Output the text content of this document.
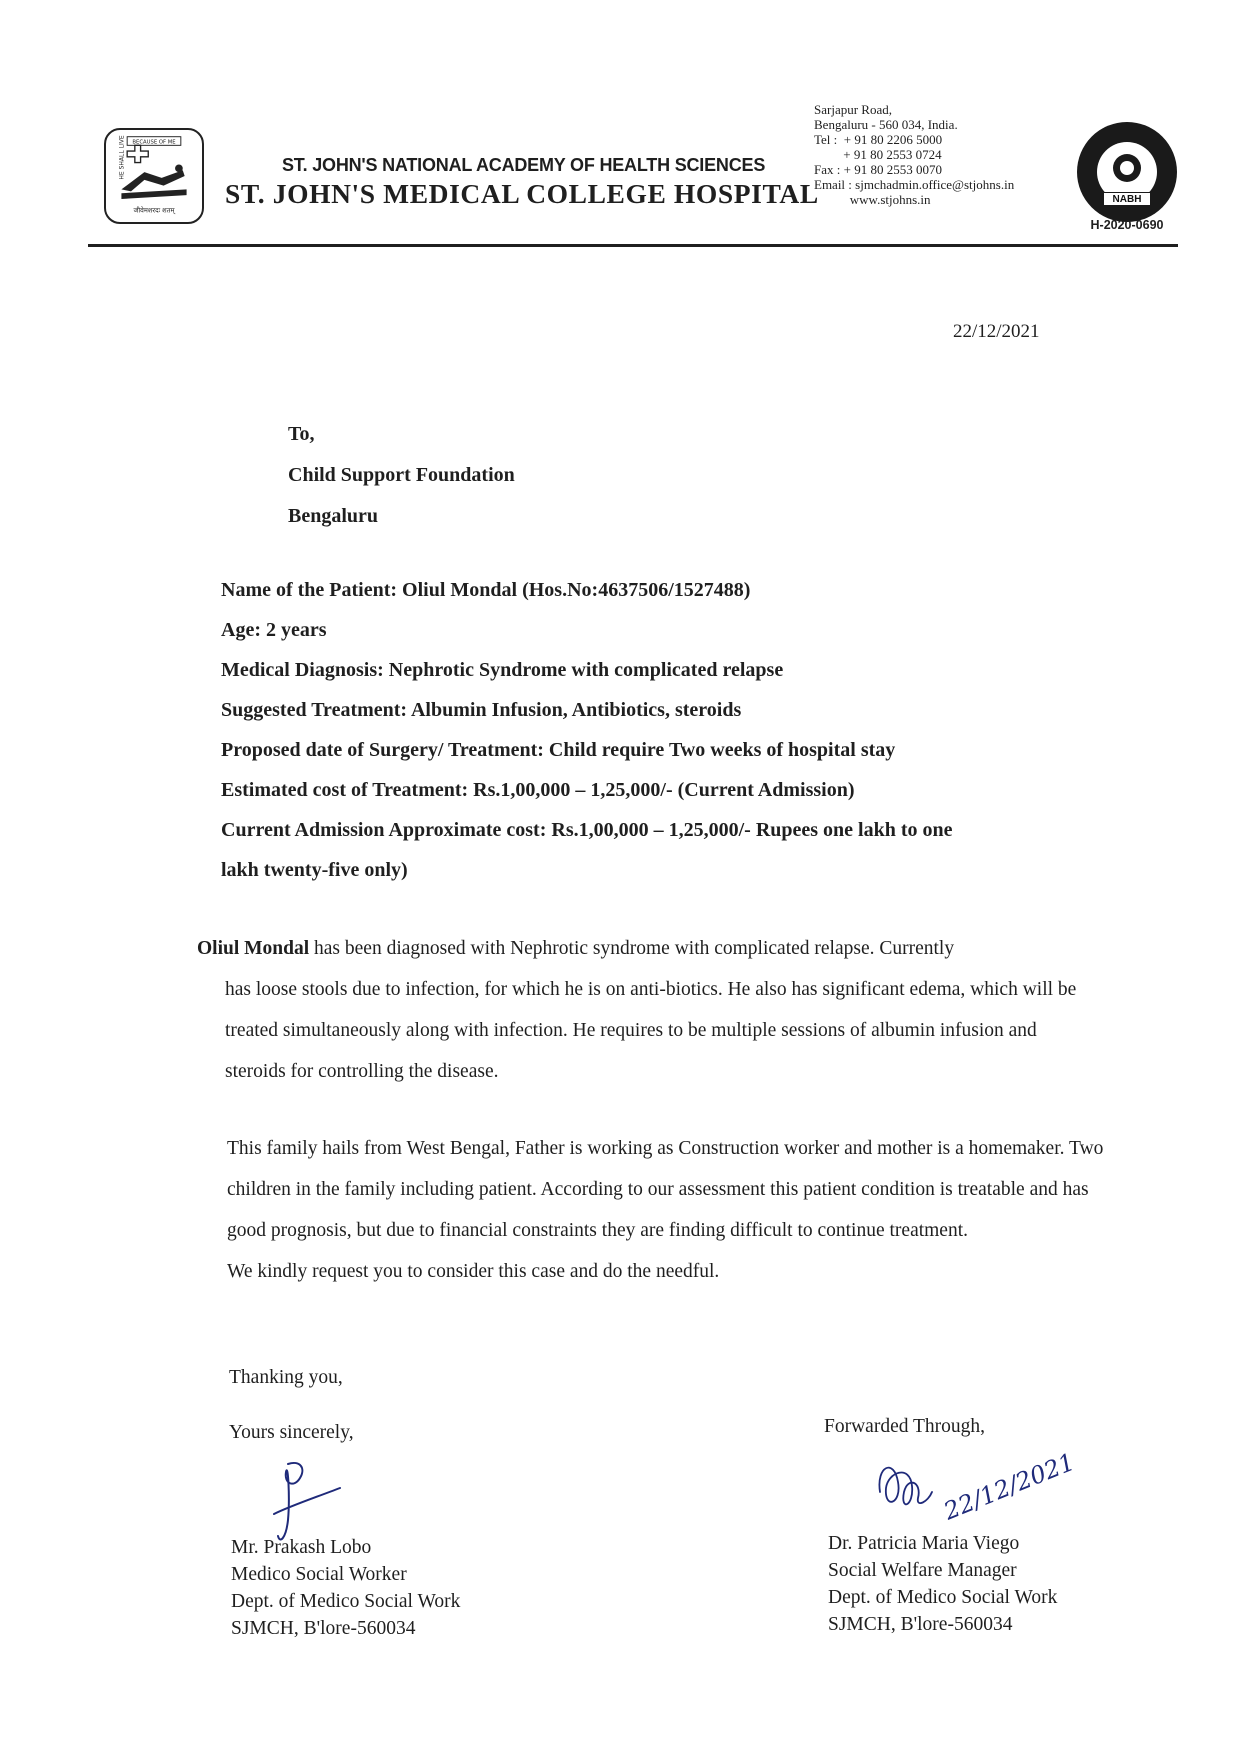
BECAUSE OF ME
जीवेमशरदः शतम्
HE SHALL LIVE	ST. JOHN'S NATIONAL ACADEMY OF HEALTH SCIENCES
ST. JOHN'S MEDICAL COLLEGE HOSPITAL
Sarjapur Road,
Bengaluru - 560 034, India.
Tel :  + 91 80 2206 5000
+ 91 80 2553 0724
Fax : + 91 80 2553 0070
Email : sjmchadmin.office@stjohns.in
www.stjohns.in	NABH
H-2020-0690
22/12/2021
To,
Child Support Foundation
Bengaluru
Name of the Patient: Oliul Mondal (Hos.No:4637506/1527488)
Age: 2 years
Medical Diagnosis: Nephrotic Syndrome with complicated relapse
Suggested Treatment: Albumin Infusion, Antibiotics, steroids
Proposed date of Surgery/ Treatment: Child require Two weeks of hospital stay
Estimated cost of Treatment: Rs.1,00,000 – 1,25,000/- (Current Admission)
Current Admission Approximate cost: Rs.1,00,000 – 1,25,000/- Rupees one lakh to one
lakh twenty-five only)
Oliul Mondal has been diagnosed with Nephrotic syndrome with complicated relapse. Currently
has loose stools due to infection, for which he is on anti-biotics. He also has significant edema, which will be treated simultaneously along with infection. He requires to be multiple sessions of albumin infusion and steroids for controlling the disease.
This family hails from West Bengal, Father is working as Construction worker and mother is a homemaker. Two children in the family including patient. According to our assessment this patient condition is treatable and has good prognosis, but due to financial constraints they are finding difficult to continue treatment.
We kindly request you to consider this case and do the needful.
Thanking you,
Yours sincerely,	Forwarded Through,
22/12/2021
Mr. Prakash Lobo
Medico Social Worker
Dept. of Medico Social Work
SJMCH, B'lore-560034
Dr. Patricia Maria Viego
Social Welfare Manager
Dept. of Medico Social Work
SJMCH, B'lore-560034
